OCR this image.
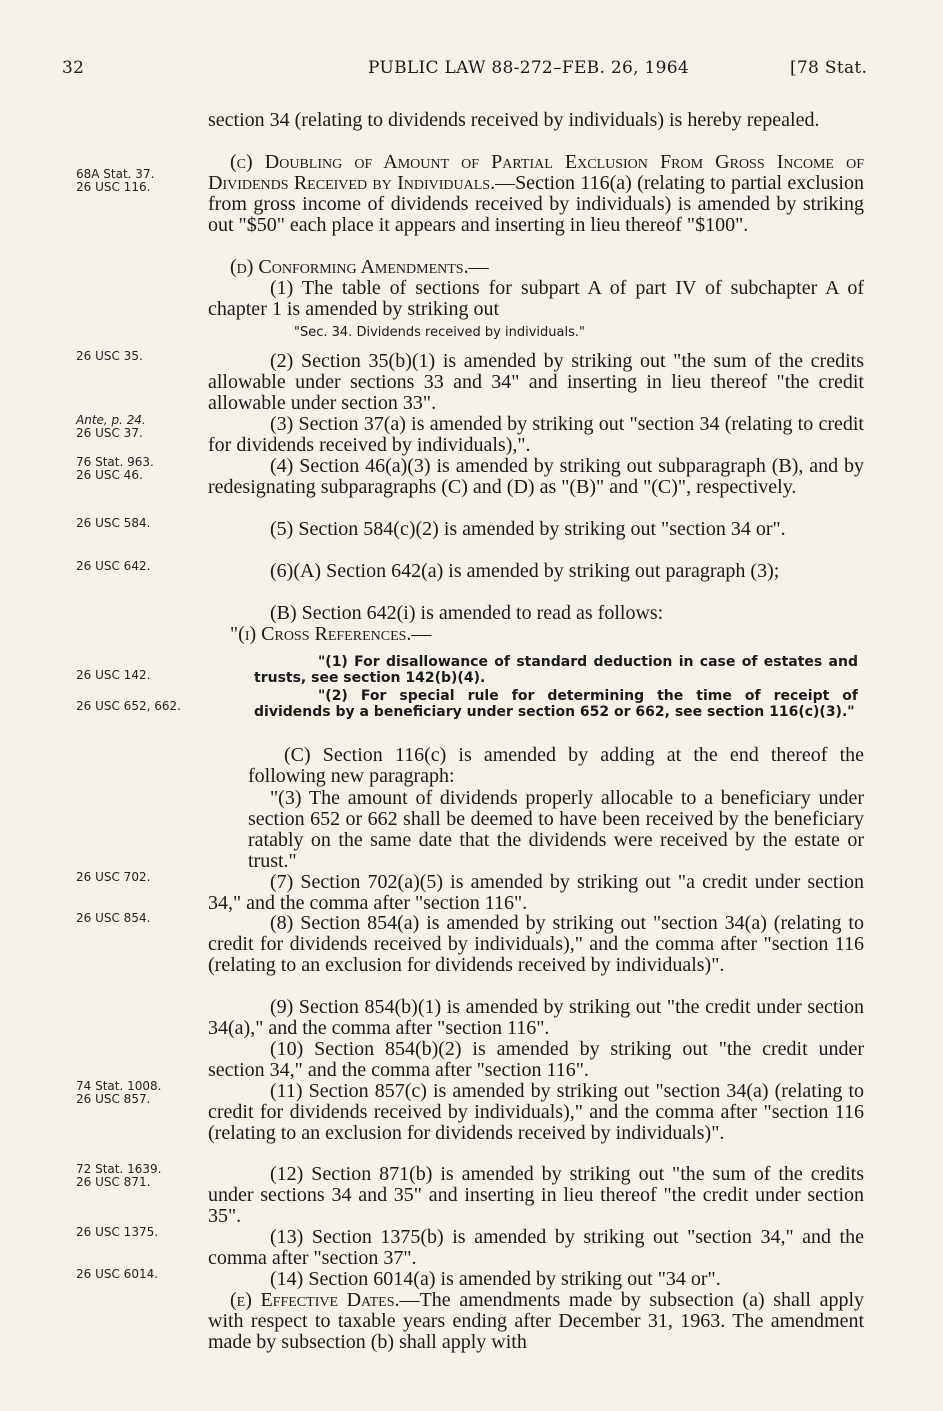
32	PUBLIC LAW 88-272–FEB. 26, 1964	[78 Stat.
68A Stat. 37.
26 USC 116.
26 USC 35.
Ante, p. 24.
26 USC 37.
76 Stat. 963.
26 USC 46.
26 USC 584.
26 USC 642.
26 USC 142.
26 USC 652, 662.
26 USC 702.
26 USC 854.
74 Stat. 1008.
26 USC 857.
72 Stat. 1639.
26 USC 871.
26 USC 1375.
26 USC 6014.

section 34 (relating to dividends received by individuals) is hereby repealed.

(c) Doubling of Amount of Partial Exclusion From Gross Income of Dividends Received by Individuals.—Section 116(a) (relating to partial exclusion from gross income of dividends received by individuals) is amended by striking out "$50" each place it appears and inserting in lieu thereof "$100".

(d) Conforming Amendments.—

(1) The table of sections for subpart A of part IV of subchapter A of chapter 1 is amended by striking out

"Sec. 34. Dividends received by individuals."

(2) Section 35(b)(1) is amended by striking out "the sum of the credits allowable under sections 33 and 34" and inserting in lieu thereof "the credit allowable under section 33".

(3) Section 37(a) is amended by striking out "section 34 (relating to credit for dividends received by individuals),".

(4) Section 46(a)(3) is amended by striking out subparagraph (B), and by redesignating subparagraphs (C) and (D) as "(B)" and "(C)", respectively.

(5) Section 584(c)(2) is amended by striking out "section 34 or".

(6)(A) Section 642(a) is amended by striking out paragraph (3);

(B) Section 642(i) is amended to read as follows:

"(i) Cross References.—

"(1) For disallowance of standard deduction in case of estates and trusts, see section 142(b)(4).
"(2) For special rule for determining the time of receipt of dividends by a beneficiary under section 652 or 662, see section 116(c)(3)."

(C) Section 116(c) is amended by adding at the end thereof the following new paragraph:

"(3) The amount of dividends properly allocable to a beneficiary under section 652 or 662 shall be deemed to have been received by the beneficiary ratably on the same date that the dividends were received by the estate or trust."

(7) Section 702(a)(5) is amended by striking out "a credit under section 34," and the comma after "section 116".

(8) Section 854(a) is amended by striking out "section 34(a) (relating to credit for dividends received by individuals)," and the comma after "section 116 (relating to an exclusion for dividends received by individuals)".

(9) Section 854(b)(1) is amended by striking out "the credit under section 34(a)," and the comma after "section 116".

(10) Section 854(b)(2) is amended by striking out "the credit under section 34," and the comma after "section 116".

(11) Section 857(c) is amended by striking out "section 34(a) (relating to credit for dividends received by individuals)," and the comma after "section 116 (relating to an exclusion for dividends received by individuals)".

(12) Section 871(b) is amended by striking out "the sum of the credits under sections 34 and 35" and inserting in lieu thereof "the credit under section 35".

(13) Section 1375(b) is amended by striking out "section 34," and the comma after "section 37".

(14) Section 6014(a) is amended by striking out "34 or".

(e) Effective Dates.—The amendments made by subsection (a) shall apply with respect to taxable years ending after December 31, 1963. The amendment made by subsection (b) shall apply with
